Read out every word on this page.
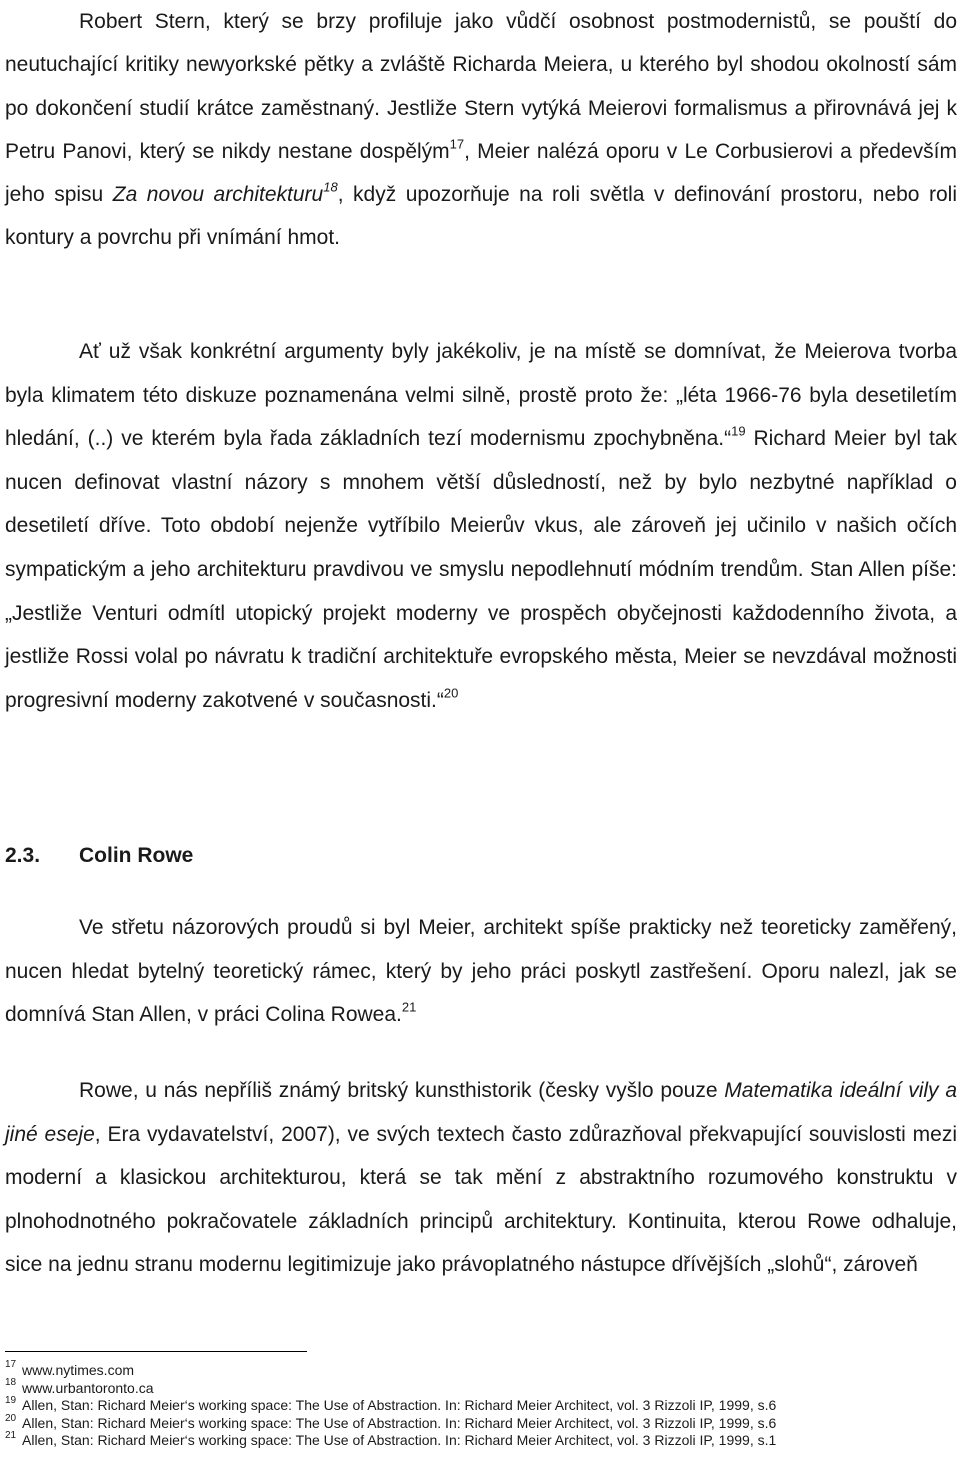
Robert Stern, který se brzy profiluje jako vůdčí osobnost postmodernistů, se pouští do neutuchající kritiky newyorkské pětky a zvláště Richarda Meiera, u kterého byl shodou okolností sám po dokončení studií krátce zaměstnaný. Jestliže Stern vytýká Meierovi formalismus a přirovnává jej k Petru Panovi, který se nikdy nestane dospělým$^{17}$, Meier nalézá oporu v Le Corbusierovi a především jeho spisu Za novou architekturu$^{18}$, když upozorňuje na roli světla v definování prostoru, nebo roli kontury a povrchu při vnímání hmot.

Ať už však konkrétní argumenty byly jakékoliv, je na místě se domnívat, že Meierova tvorba byla klimatem této diskuze poznamenána velmi silně, prostě proto že: „léta 1966-76 byla desetiletím hledání, (..) ve kterém byla řada základních tezí modernismu zpochybněna.“$^{19}$ Richard Meier byl tak nucen definovat vlastní názory s mnohem větší důsledností, než by bylo nezbytné například o desetiletí dříve. Toto období nejenže vytříbilo Meierův vkus, ale zároveň jej učinilo v našich očích sympatickým a jeho architekturu pravdivou ve smyslu nepodlehnutí módním trendům. Stan Allen píše: „Jestliže Venturi odmítl utopický projekt moderny ve prospěch obyčejnosti každodenního života, a jestliže Rossi volal po návratu k tradiční architektuře evropského města, Meier se nevzdával možnosti progresivní moderny zakotvené v současnosti.“$^{20}$

2.3. Colin Rowe

Ve střetu názorových proudů si byl Meier, architekt spíše prakticky než teoreticky zaměřený, nucen hledat bytelný teoretický rámec, který by jeho práci poskytl zastřešení. Oporu nalezl, jak se domnívá Stan Allen, v práci Colina Rowea.$^{21}$

Rowe, u nás nepříliš známý britský kunsthistorik (česky vyšlo pouze Matematika ideální vily a jiné eseje, Era vydavatelství, 2007), ve svých textech často zdůrazňoval překvapující souvislosti mezi moderní a klasickou architekturou, která se tak mění z abstraktního rozumového konstruktu v plnohodnotného pokračovatele základních principů architektury. Kontinuita, kterou Rowe odhaluje, sice na jednu stranu modernu legitimizuje jako právoplatného nástupce dřívějších „slohů“, zároveň

17 www.nytimes.com
18 www.urbantoronto.ca
19 Allen, Stan: Richard Meier‘s working space: The Use of Abstraction. In: Richard Meier Architect, vol. 3 Rizzoli IP, 1999, s.6
20 Allen, Stan: Richard Meier‘s working space: The Use of Abstraction. In: Richard Meier Architect, vol. 3 Rizzoli IP, 1999, s.6
21 Allen, Stan: Richard Meier‘s working space: The Use of Abstraction. In: Richard Meier Architect, vol. 3 Rizzoli IP, 1999, s.1
